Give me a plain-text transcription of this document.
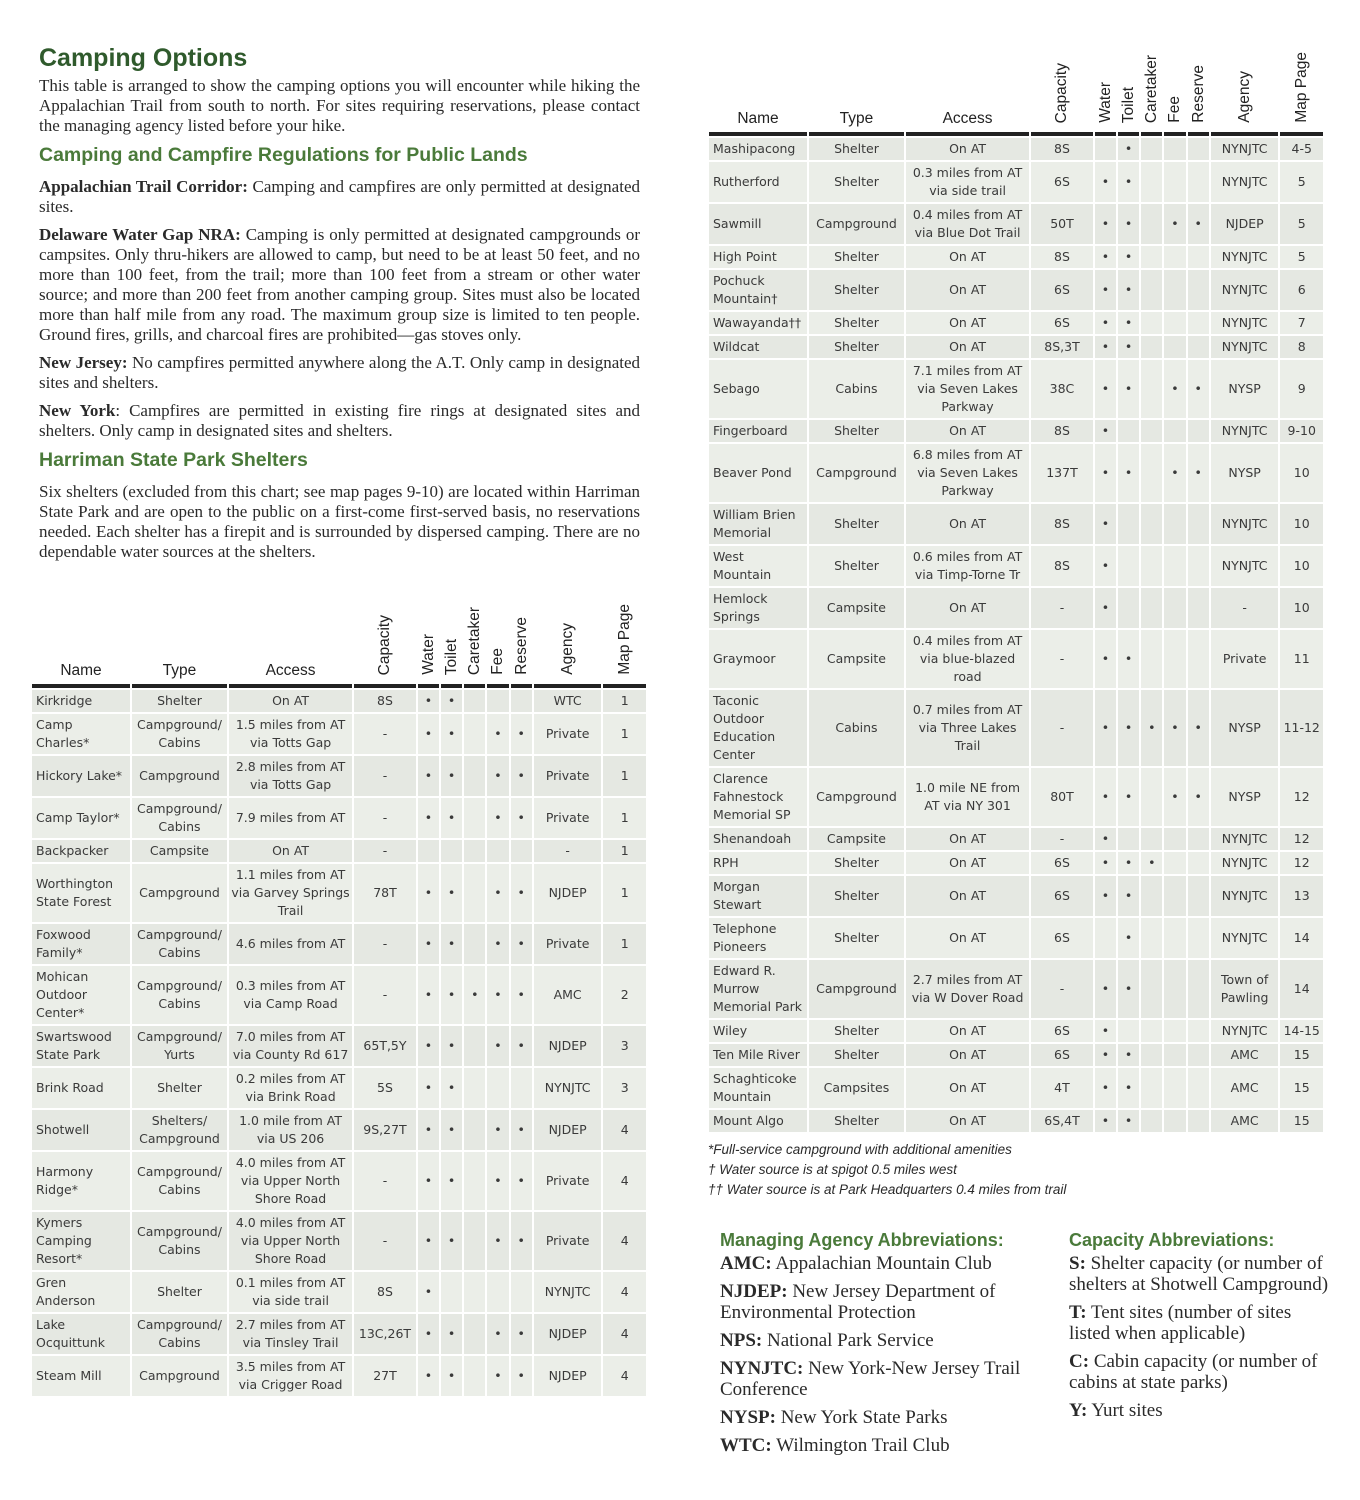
Camping Options

This table is arranged to show the camping options you will encounter while hiking the Appalachian Trail from south to north. For sites requiring reservations, please contact the managing agency listed before your hike.

Camping and Campfire Regulations for Public Lands

Appalachian Trail Corridor: Camping and campfires are only permitted at designated sites.

Delaware Water Gap NRA: Camping is only permitted at designated campgrounds or campsites. Only thru-hikers are allowed to camp, but need to be at least 50 feet, and no more than 100 feet, from the trail; more than 100 feet from a stream or other water source; and more than 200 feet from another camping group. Sites must also be located more than half mile from any road. The maximum group size is limited to ten people. Ground fires, grills, and charcoal fires are prohibited—gas stoves only.

New Jersey: No campfires permitted anywhere along the A.T. Only camp in designated sites and shelters.

New York: Campfires are permitted in existing fire rings at designated sites and shelters. Only camp in designated sites and shelters.

Harriman State Park Shelters

Six shelters (excluded from this chart; see map pages 9-10) are located within Harriman State Park and are open to the public on a first-come first-served basis, no reservations needed. Each shelter has a firepit and is surrounded by dispersed camping. There are no dependable water sources at the shelters.

Name	Type	Access	Capacity	Water	Toilet	Caretaker	Fee	Reserve	Agency	Map Page
Kirkridge	Shelter	On AT	8S	•	•				WTC	1
Camp Charles*	Campground/ Cabins	1.5 miles from AT via Totts Gap	-	•	•		•	•	Private	1
Hickory Lake*	Campground	2.8 miles from AT via Totts Gap	-	•	•		•	•	Private	1
Camp Taylor*	Campground/ Cabins	7.9 miles from AT	-	•	•		•	•	Private	1
Backpacker	Campsite	On AT	-						-	1
Worthington State Forest	Campground	1.1 miles from AT via Garvey Springs Trail	78T	•	•		•	•	NJDEP	1
Foxwood Family*	Campground/ Cabins	4.6 miles from AT	-	•	•		•	•	Private	1
Mohican Outdoor Center*	Campground/ Cabins	0.3 miles from AT via Camp Road	-	•	•	•	•	•	AMC	2
Swartswood State Park	Campground/ Yurts	7.0 miles from AT via County Rd 617	65T,5Y	•	•		•	•	NJDEP	3
Brink Road	Shelter	0.2 miles from AT via Brink Road	5S	•	•				NYNJTC	3
Shotwell	Shelters/ Campground	1.0 mile from AT via US 206	9S,27T	•	•		•	•	NJDEP	4
Harmony Ridge*	Campground/ Cabins	4.0 miles from AT via Upper North Shore Road	-	•	•		•	•	Private	4
Kymers Camping Resort*	Campground/ Cabins	4.0 miles from AT via Upper North Shore Road	-	•	•		•	•	Private	4
Gren Anderson	Shelter	0.1 miles from AT via side trail	8S	•					NYNJTC	4
Lake Ocquittunk	Campground/ Cabins	2.7 miles from AT via Tinsley Trail	13C,26T	•	•		•	•	NJDEP	4
Steam Mill	Campground	3.5 miles from AT via Crigger Road	27T	•	•		•	•	NJDEP	4
Name	Type	Access	Capacity	Water	Toilet	Caretaker	Fee	Reserve	Agency	Map Page
Mashipacong	Shelter	On AT	8S		•				NYNJTC	4-5
Rutherford	Shelter	0.3 miles from AT via side trail	6S	•	•				NYNJTC	5
Sawmill	Campground	0.4 miles from AT via Blue Dot Trail	50T	•	•		•	•	NJDEP	5
High Point	Shelter	On AT	8S	•	•				NYNJTC	5
Pochuck Mountain†	Shelter	On AT	6S	•	•				NYNJTC	6
Wawayanda††	Shelter	On AT	6S	•	•				NYNJTC	7
Wildcat	Shelter	On AT	8S,3T	•	•				NYNJTC	8
Sebago	Cabins	7.1 miles from AT via Seven Lakes Parkway	38C	•	•		•	•	NYSP	9
Fingerboard	Shelter	On AT	8S	•					NYNJTC	9-10
Beaver Pond	Campground	6.8 miles from AT via Seven Lakes Parkway	137T	•	•		•	•	NYSP	10
William Brien Memorial	Shelter	On AT	8S	•					NYNJTC	10
West Mountain	Shelter	0.6 miles from AT via Timp-Torne Tr	8S	•					NYNJTC	10
Hemlock Springs	Campsite	On AT	-	•					-	10
Graymoor	Campsite	0.4 miles from AT via blue-blazed road	-	•	•				Private	11
Taconic Outdoor Education Center	Cabins	0.7 miles from AT via Three Lakes Trail	-	•	•	•	•	•	NYSP	11-12
Clarence Fahnestock Memorial SP	Campground	1.0 mile NE from AT via NY 301	80T	•	•		•	•	NYSP	12
Shenandoah	Campsite	On AT	-	•					NYNJTC	12
RPH	Shelter	On AT	6S	•	•	•			NYNJTC	12
Morgan Stewart	Shelter	On AT	6S	•	•				NYNJTC	13
Telephone Pioneers	Shelter	On AT	6S		•				NYNJTC	14
Edward R. Murrow Memorial Park	Campground	2.7 miles from AT via W Dover Road	-	•	•				Town of Pawling	14
Wiley	Shelter	On AT	6S	•					NYNJTC	14-15
Ten Mile River	Shelter	On AT	6S	•	•				AMC	15
Schaghticoke Mountain	Campsites	On AT	4T	•	•				AMC	15
Mount Algo	Shelter	On AT	6S,4T	•	•				AMC	15
*Full-service campground with additional amenities
† Water source is at spigot 0.5 miles west
†† Water source is at Park Headquarters 0.4 miles from trail
Managing Agency Abbreviations:

AMC: Appalachian Mountain Club

NJDEP: New Jersey Department of Environmental Protection

NPS: National Park Service

NYNJTC: New York-New Jersey Trail Conference

NYSP: New York State Parks

WTC: Wilmington Trail Club

Capacity Abbreviations:

S: Shelter capacity (or number of shelters at Shotwell Campground)

T: Tent sites (number of sites listed when applicable)

C: Cabin capacity (or number of cabins at state parks)

Y: Yurt sites
